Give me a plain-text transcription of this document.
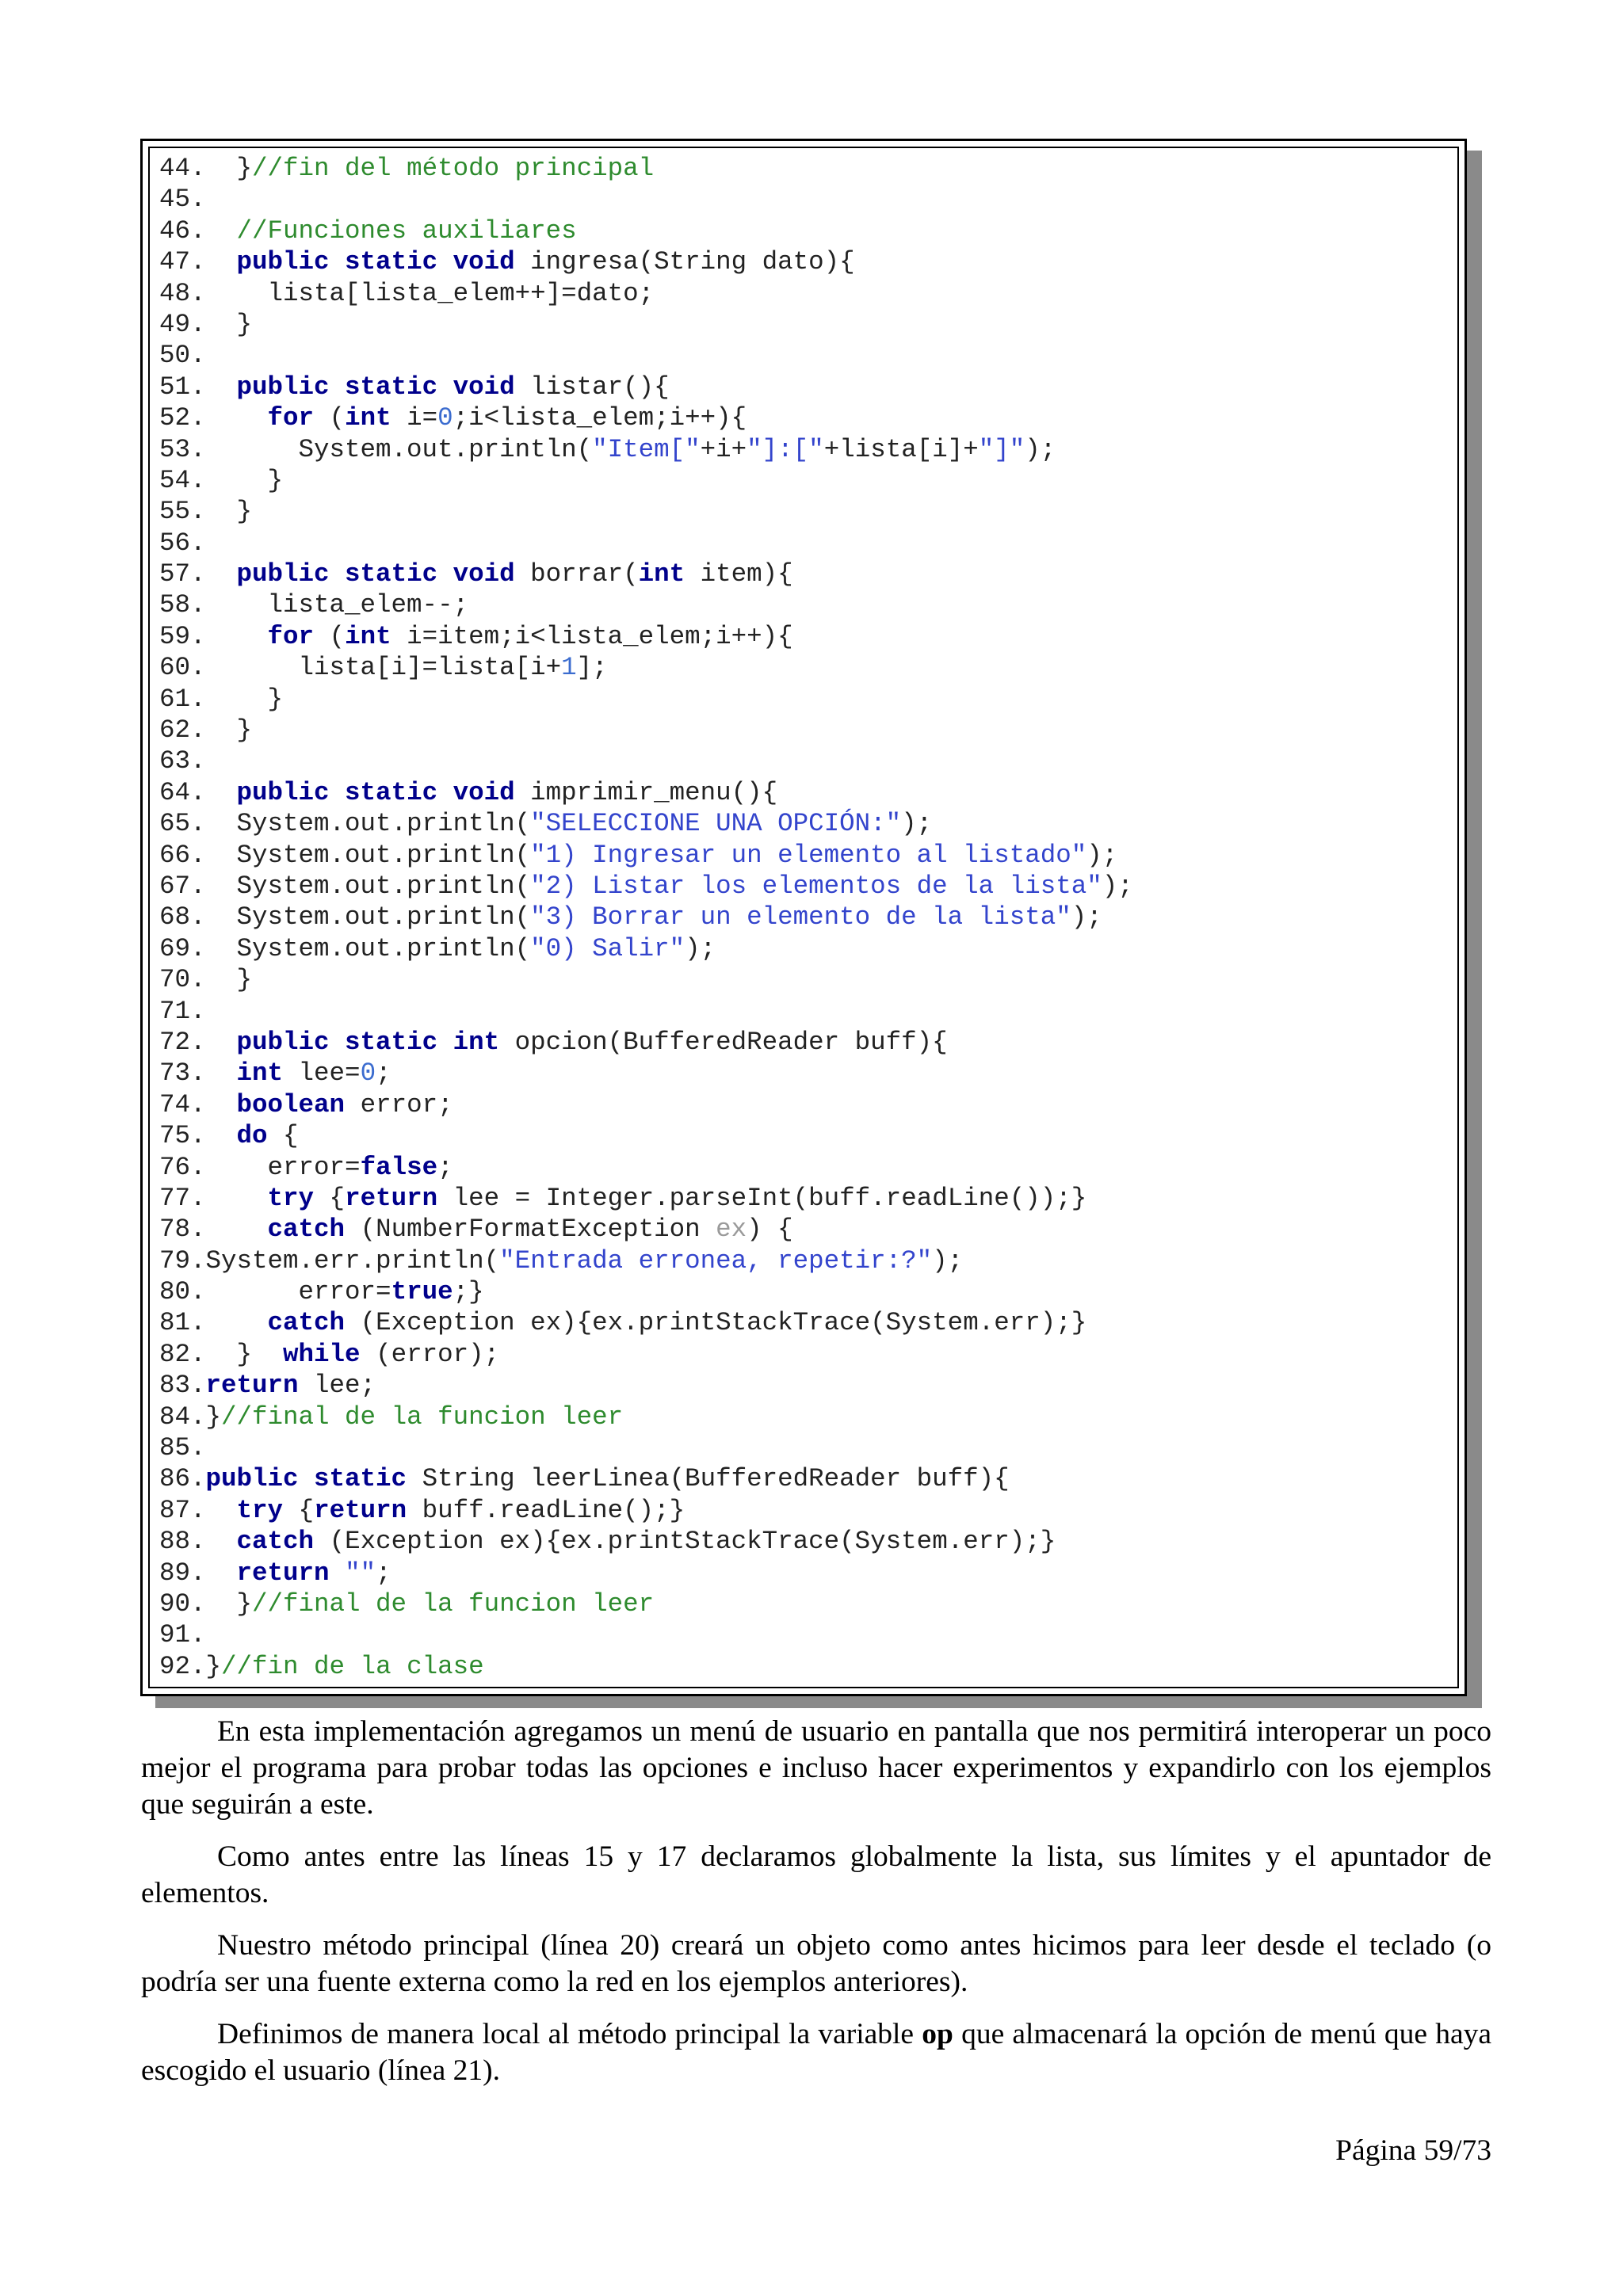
44.  }//fin del método principal
45.
46. //Funciones auxiliares
47. public static void ingresa(String dato){
48.    lista[lista_elem++]=dato;
49.  }
50.
51. public static void listar(){
52. for (int i=0;i<lista_elem;i++){
53.      System.out.println("Item["+i+"]:["+lista[i]+"]");
54.    }
55.  }
56.
57. public static void borrar(int item){
58.    lista_elem--;
59. for (int i=item;i<lista_elem;i++){
60.      lista[i]=lista[i+1];
61.    }
62.  }
63.
64. public static void imprimir_menu(){
65.  System.out.println("SELECCIONE UNA OPCIÓN:");
66.  System.out.println("1) Ingresar un elemento al listado");
67.  System.out.println("2) Listar los elementos de la lista");
68.  System.out.println("3) Borrar un elemento de la lista");
69.  System.out.println("0) Salir");
70.  }
71.
72. public static int opcion(BufferedReader buff){
73. int lee=0;
74. boolean error;
75. do {
76.    error=false;
77. try {return lee = Integer.parseInt(buff.readLine());}
78. catch (NumberFormatException ex) {
79.System.err.println("Entrada erronea, repetir:?");
80.      error=true;}
81. catch (Exception ex){ex.printStackTrace(System.err);}
82.  }  while (error);
83.return lee;
84.}//final de la funcion leer
85.
86.public static String leerLinea(BufferedReader buff){
87. try {return buff.readLine();}
88. catch (Exception ex){ex.printStackTrace(System.err);}
89. return "";
90.  }//final de la funcion leer
91.
92.}//fin de la clase

En esta implementación agregamos un menú de usuario en pantalla que nos permitirá interoperar un poco mejor el programa para probar todas las opciones e incluso hacer experimentos y expandirlo con los ejemplos que seguirán a este.

Como antes entre las líneas 15 y 17 declaramos globalmente la lista, sus límites y el apuntador de elementos.

Nuestro método principal (línea 20) creará un objeto como antes hicimos para leer desde el teclado (o podría ser una fuente externa como la red en los ejemplos anteriores).

Definimos de manera local al método principal la variable op que almacenará la opción de menú que haya escogido el usuario (línea 21).

Página 59/73
